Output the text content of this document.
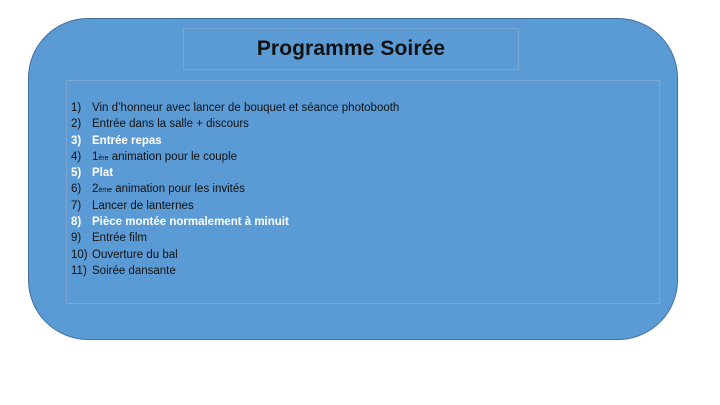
Programme Soirée
1) Vin d’honneur avec lancer de bouquet et séance photobooth
2) Entrée dans la salle + discours
3) Entrée repas
4) 1 ère animation pour le couple
5) Plat
6) 2 ème animation pour les invités
7) Lancer de lanternes
8) Pièce montée normalement à minuit
9) Entrée film
10) Ouverture du bal
11) Soirée dansante
